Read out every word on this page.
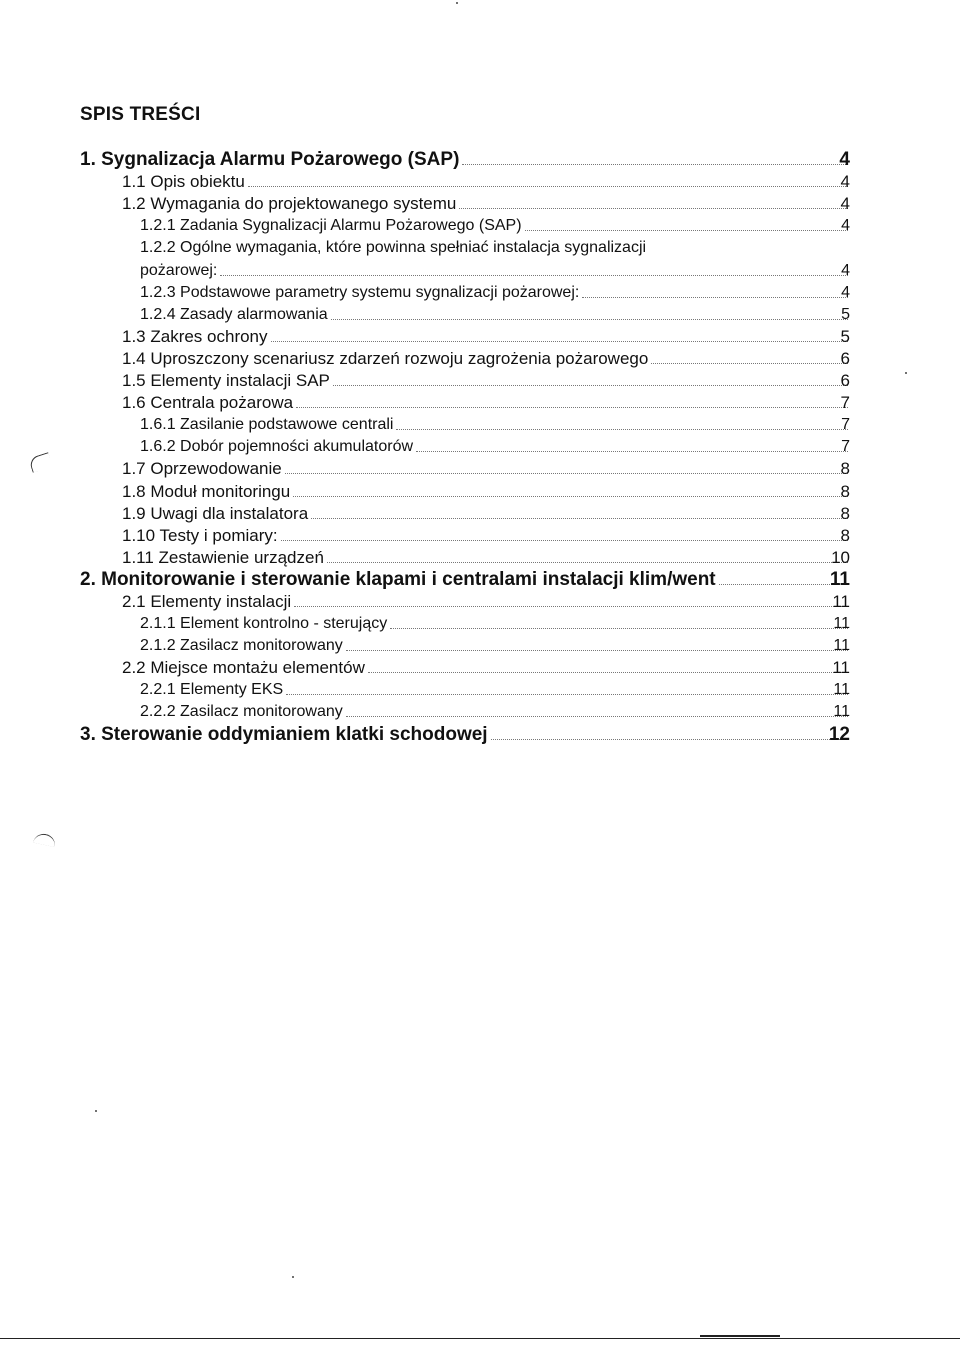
SPIS TREŚCI
1. Sygnalizacja Alarmu Pożarowego (SAP)	4
1.1 Opis obiektu	4
1.2 Wymagania do projektowanego systemu	4
1.2.1 Zadania Sygnalizacji Alarmu Pożarowego (SAP)	4
1.2.2 Ogólne wymagania, które powinna spełniać instalacja sygnalizacji
pożarowej:	4
1.2.3 Podstawowe parametry systemu sygnalizacji pożarowej:	4
1.2.4 Zasady alarmowania	5
1.3 Zakres ochrony	5
1.4 Uproszczony scenariusz zdarzeń rozwoju zagrożenia pożarowego	6
1.5 Elementy instalacji SAP	6
1.6 Centrala pożarowa	7
1.6.1 Zasilanie podstawowe centrali	7
1.6.2 Dobór pojemności akumulatorów	7
1.7 Oprzewodowanie	8
1.8 Moduł monitoringu	8
1.9 Uwagi dla instalatora	8
1.10 Testy i pomiary:	8
1.11 Zestawienie urządzeń	10
2. Monitorowanie i sterowanie klapami i centralami instalacji klim/went	11
2.1 Elementy instalacji	11
2.1.1 Element kontrolno - sterujący	11
2.1.2 Zasilacz monitorowany	11
2.2 Miejsce montażu elementów	11
2.2.1 Elementy EKS	11
2.2.2 Zasilacz monitorowany	11
3. Sterowanie oddymianiem klatki schodowej	12
